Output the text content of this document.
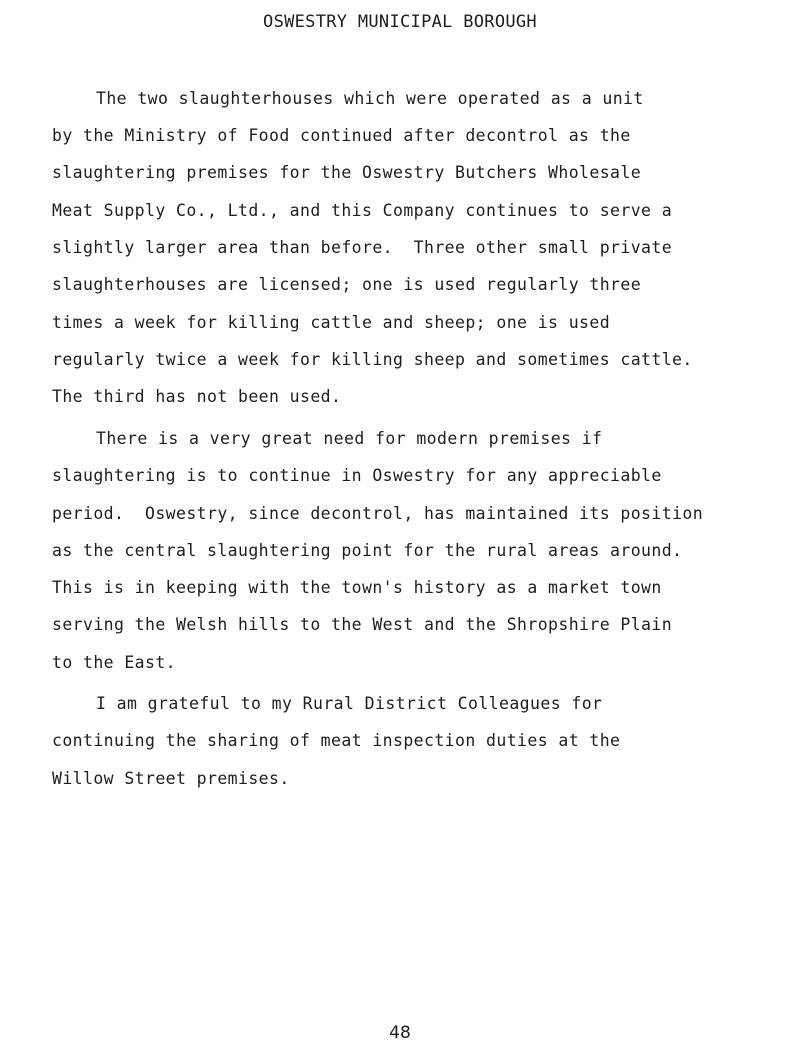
OSWESTRY MUNICIPAL BOROUGH
The two slaughterhouses which were operated as a unit
by the Ministry of Food continued after decontrol as the
slaughtering premises for the Oswestry Butchers Wholesale
Meat Supply Co., Ltd., and this Company continues to serve a
slightly larger area than before.  Three other small private
slaughterhouses are licensed; one is used regularly three
times a week for killing cattle and sheep; one is used
regularly twice a week for killing sheep and sometimes cattle.
The third has not been used.
There is a very great need for modern premises if
slaughtering is to continue in Oswestry for any appreciable
period.  Oswestry, since decontrol, has maintained its position
as the central slaughtering point for the rural areas around.
This is in keeping with the town's history as a market town
serving the Welsh hills to the West and the Shropshire Plain
to the East.
I am grateful to my Rural District Colleagues for
continuing the sharing of meat inspection duties at the
Willow Street premises.
48
